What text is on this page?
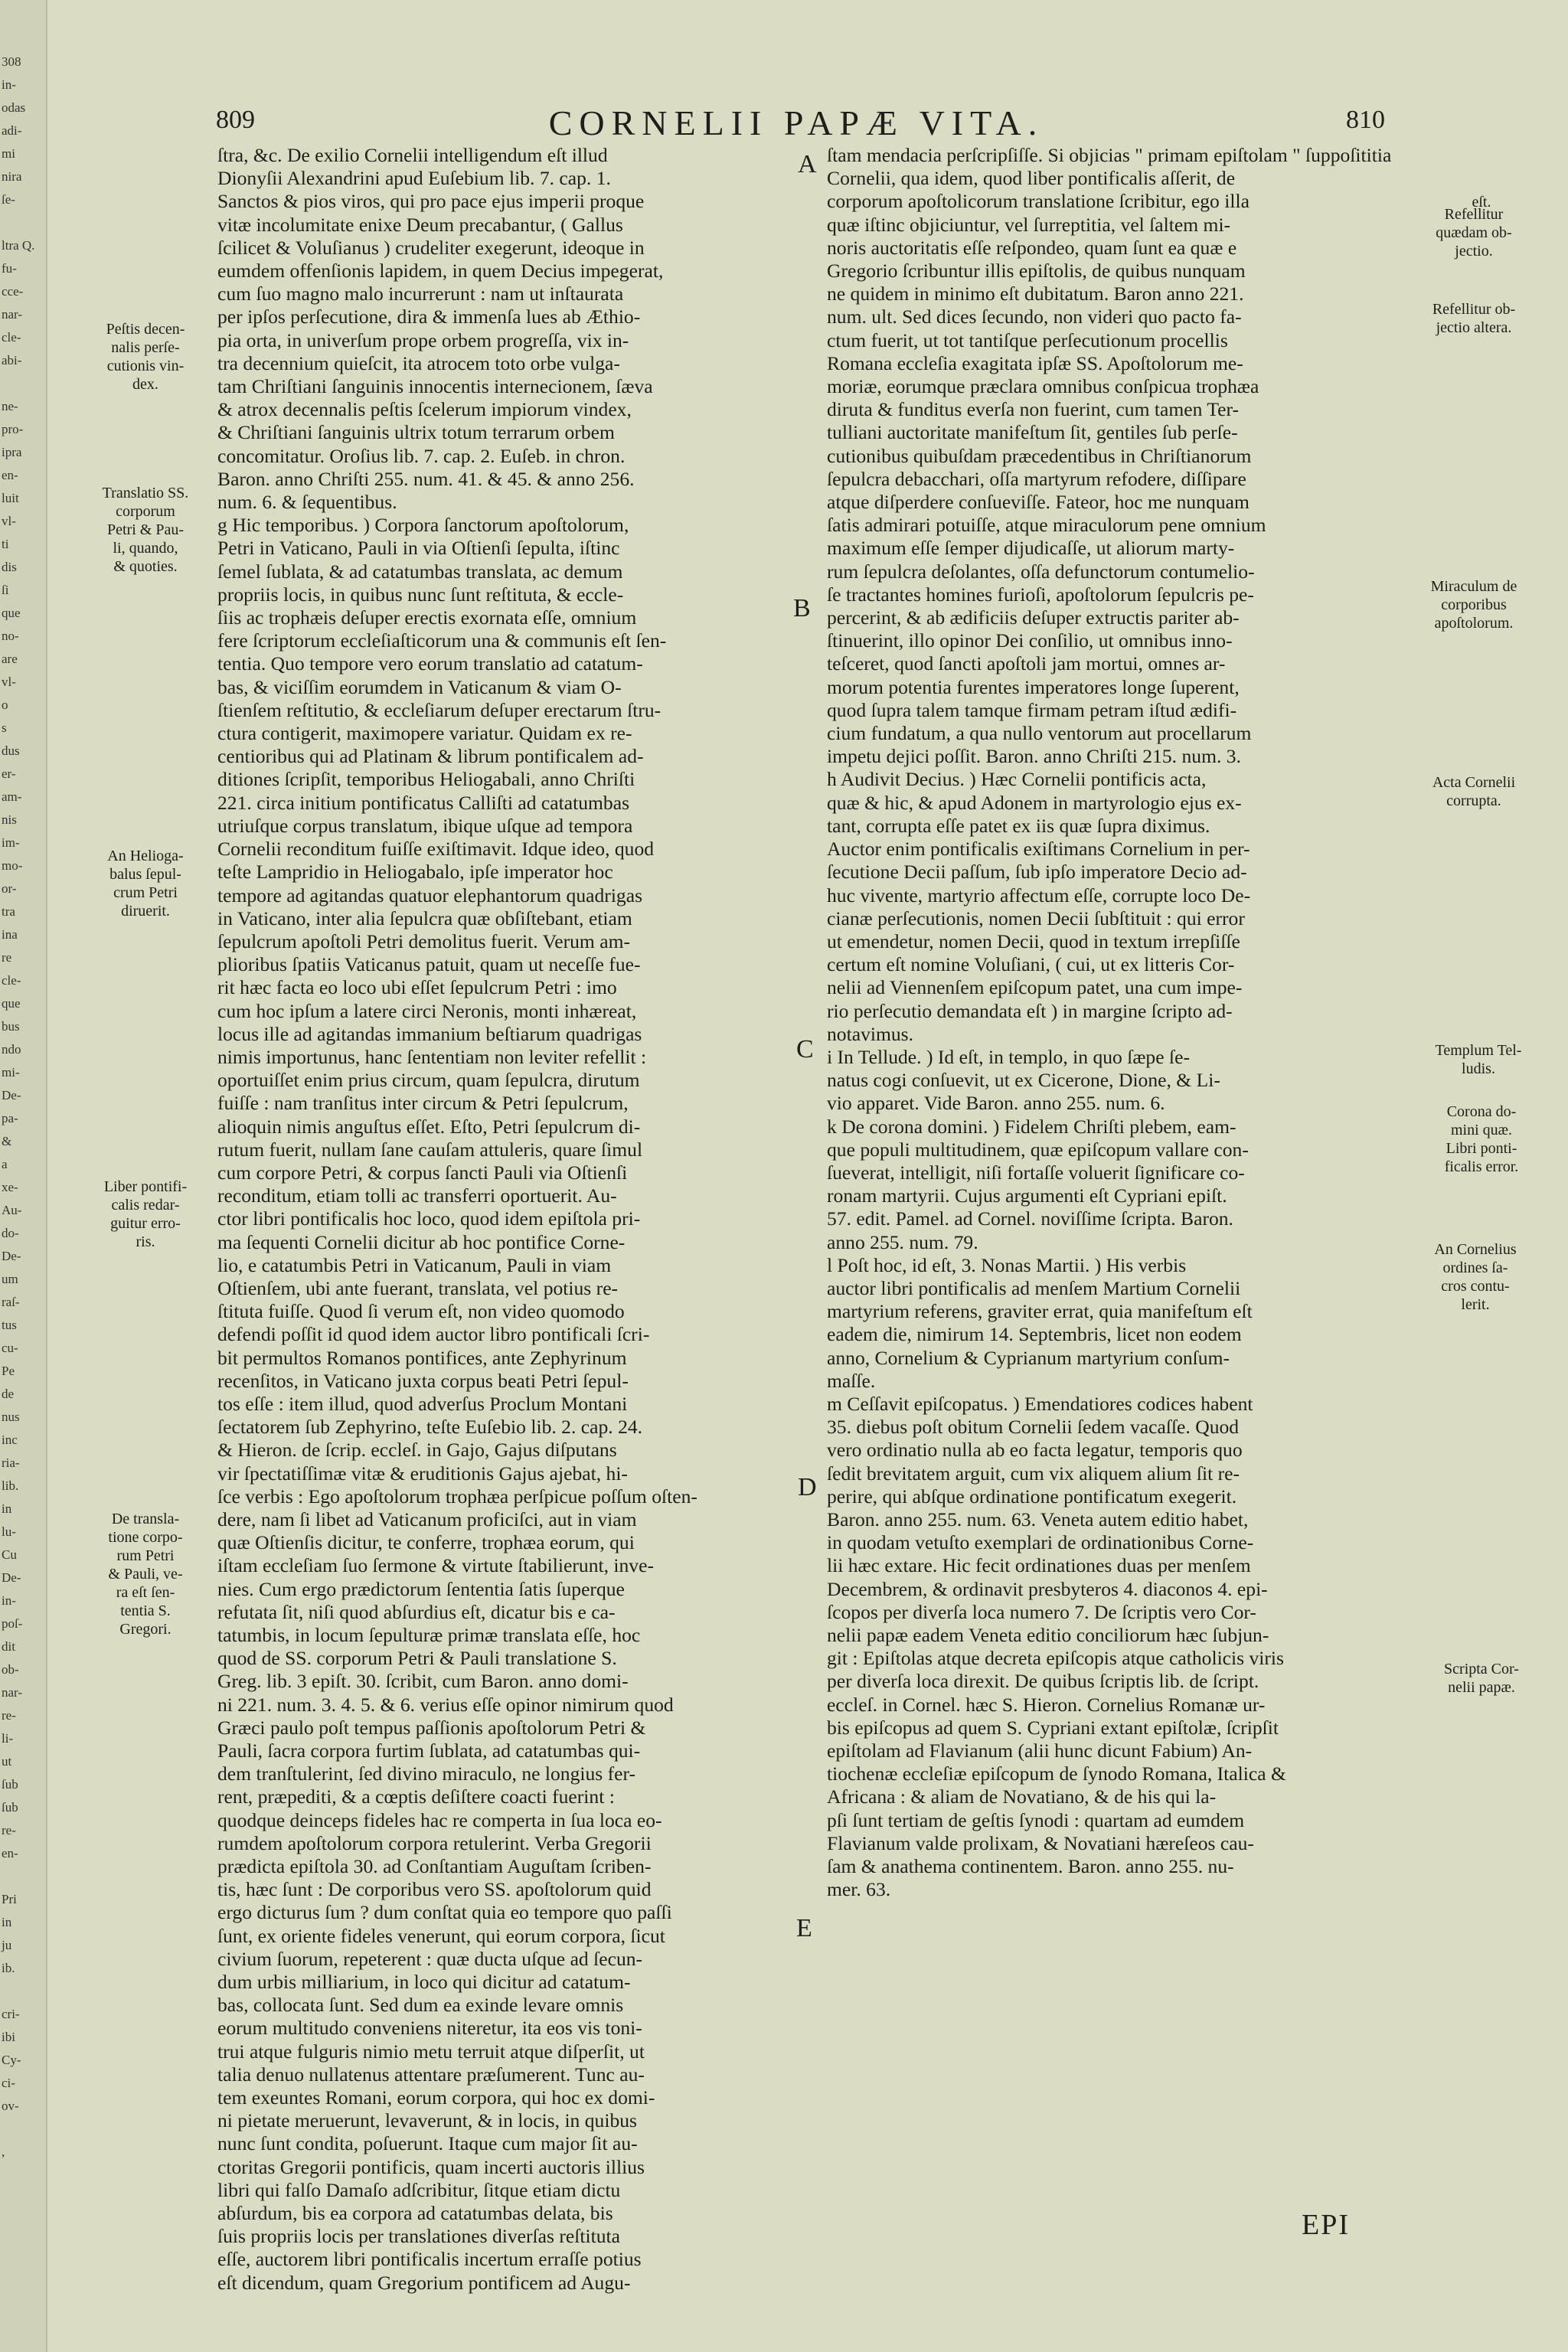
308
in-
odas
adi-
mi
nira
ſe-
ltra Q.
fu-
cce-
nar-
cle-
abi-
ne-
pro-
ipra
en-
luit
vl-
ti
dis
ſi
que
no-
are
vl-
o
s
dus
er-
am-
nis
im-
mo-
or-
tra
ina
re
cle-
que
bus
ndo
mi-
De-
pa-
&
a
xe-
Au-
do-
De-
um
raſ-
tus
cu-
Pe
de
nus
inc
ria-
lib.
in
lu-
Cu
De-
in-
poſ-
dit
ob-
nar-
re-
li-
ut
ſub
ſub
re-
en-
Pri
in
ju
ib.
cri-
ibi
Cy-
ci-
ov-
,
809	CORNELII PAPÆ VITA.	810
ſtra, &c. De exilio Cornelii intelligendum eſt illud
Dionyſii Alexandrini apud Euſebium lib. 7. cap. 1.
Sanctos & pios viros, qui pro pace ejus imperii proque
vitæ incolumitate enixe Deum precabantur, ( Gallus
ſcilicet & Voluſianus ) crudeliter exegerunt, ideoque in
eumdem offenſionis lapidem, in quem Decius impegerat,
cum ſuo magno malo incurrerunt : nam ut inſtaurata
per ipſos perſecutione, dira & immenſa lues ab Æthio-
pia orta, in univerſum prope orbem progreſſa, vix in-
tra decennium quieſcit, ita atrocem toto orbe vulga-
tam Chriſtiani ſanguinis innocentis internecionem, ſæva
& atrox decennalis peſtis ſcelerum impiorum vindex,
& Chriſtiani ſanguinis ultrix totum terrarum orbem
concomitatur. Oroſius lib. 7. cap. 2. Euſeb. in chron.
Baron. anno Chriſti 255. num. 41. & 45. & anno 256.
num. 6. & ſequentibus.
g Hic temporibus. ) Corpora ſanctorum apoſtolorum,
Petri in Vaticano, Pauli in via Oſtienſi ſepulta, iſtinc
ſemel ſublata, & ad catatumbas translata, ac demum
propriis locis, in quibus nunc ſunt reſtituta, & eccle-
ſiis ac trophæis deſuper erectis exornata eſſe, omnium
fere ſcriptorum eccleſiaſticorum una & communis eſt ſen-
tentia. Quo tempore vero eorum translatio ad catatum-
bas, & viciſſim eorumdem in Vaticanum & viam O-
ſtienſem reſtitutio, & eccleſiarum deſuper erectarum ſtru-
ctura contigerit, maximopere variatur. Quidam ex re-
centioribus qui ad Platinam & librum pontificalem ad-
ditiones ſcripſit, temporibus Heliogabali, anno Chriſti
221. circa initium pontificatus Calliſti ad catatumbas
utriuſque corpus translatum, ibique uſque ad tempora
Cornelii reconditum fuiſſe exiſtimavit. Idque ideo, quod
teſte Lampridio in Heliogabalo, ipſe imperator hoc
tempore ad agitandas quatuor elephantorum quadrigas
in Vaticano, inter alia ſepulcra quæ obſiſtebant, etiam
ſepulcrum apoſtoli Petri demolitus fuerit. Verum am-
plioribus ſpatiis Vaticanus patuit, quam ut neceſſe fue-
rit hæc facta eo loco ubi eſſet ſepulcrum Petri : imo
cum hoc ipſum a latere circi Neronis, monti inhæreat,
locus ille ad agitandas immanium beſtiarum quadrigas
nimis importunus, hanc ſententiam non leviter refellit :
oportuiſſet enim prius circum, quam ſepulcra, dirutum
fuiſſe : nam tranſitus inter circum & Petri ſepulcrum,
alioquin nimis anguſtus eſſet. Eſto, Petri ſepulcrum di-
rutum fuerit, nullam ſane cauſam attuleris, quare ſimul
cum corpore Petri, & corpus ſancti Pauli via Oſtienſi
reconditum, etiam tolli ac transferri oportuerit. Au-
ctor libri pontificalis hoc loco, quod idem epiſtola pri-
ma ſequenti Cornelii dicitur ab hoc pontifice Corne-
lio, e catatumbis Petri in Vaticanum, Pauli in viam
Oſtienſem, ubi ante fuerant, translata, vel potius re-
ſtituta fuiſſe. Quod ſi verum eſt, non video quomodo
defendi poſſit id quod idem auctor libro pontificali ſcri-
bit permultos Romanos pontifices, ante Zephyrinum
recenſitos, in Vaticano juxta corpus beati Petri ſepul-
tos eſſe : item illud, quod adverſus Proclum Montani
ſectatorem ſub Zephyrino, teſte Euſebio lib. 2. cap. 24.
& Hieron. de ſcrip. eccleſ. in Gajo, Gajus diſputans
vir ſpectatiſſimæ vitæ & eruditionis Gajus ajebat, hi-
ſce verbis : Ego apoſtolorum trophæa perſpicue poſſum oſten-
dere, nam ſi libet ad Vaticanum proficiſci, aut in viam
quæ Oſtienſis dicitur, te conferre, trophæa eorum, qui
iſtam eccleſiam ſuo ſermone & virtute ſtabilierunt, inve-
nies. Cum ergo prædictorum ſententia ſatis ſuperque
refutata ſit, niſi quod abſurdius eſt, dicatur bis e ca-
tatumbis, in locum ſepulturæ primæ translata eſſe, hoc
quod de SS. corporum Petri & Pauli translatione S.
Greg. lib. 3 epiſt. 30. ſcribit, cum Baron. anno domi-
ni 221. num. 3. 4. 5. & 6. verius eſſe opinor nimirum quod
Græci paulo poſt tempus paſſionis apoſtolorum Petri &
Pauli, ſacra corpora furtim ſublata, ad catatumbas qui-
dem tranſtulerint, ſed divino miraculo, ne longius fer-
rent, præpediti, & a cœptis deſiſtere coacti fuerint :
quodque deinceps fideles hac re comperta in ſua loca eo-
rumdem apoſtolorum corpora retulerint. Verba Gregorii
prædicta epiſtola 30. ad Conſtantiam Auguſtam ſcriben-
tis, hæc ſunt : De corporibus vero SS. apoſtolorum quid
ergo dicturus ſum ? dum conſtat quia eo tempore quo paſſi
ſunt, ex oriente fideles venerunt, qui eorum corpora, ſicut
civium ſuorum, repeterent : quæ ducta uſque ad ſecun-
dum urbis milliarium, in loco qui dicitur ad catatum-
bas, collocata ſunt. Sed dum ea exinde levare omnis
eorum multitudo conveniens niteretur, ita eos vis toni-
trui atque fulguris nimio metu terruit atque diſperſit, ut
talia denuo nullatenus attentare præſumerent. Tunc au-
tem exeuntes Romani, eorum corpora, qui hoc ex domi-
ni pietate meruerunt, levaverunt, & in locis, in quibus
nunc ſunt condita, poſuerunt. Itaque cum major ſit au-
ctoritas Gregorii pontificis, quam incerti auctoris illius
libri qui falſo Damaſo adſcribitur, ſitque etiam dictu
abſurdum, bis ea corpora ad catatumbas delata, bis
ſuis propriis locis per translationes diverſas reſtituta
eſſe, auctorem libri pontificalis incertum erraſſe potius
eſt dicendum, quam Gregorium pontificem ad Augu-
ſtam mendacia perſcripſiſſe. Si objicias " primam epiſtolam " ſuppoſititia
Cornelii, qua idem, quod liber pontificalis aſſerit, de
corporum apoſtolicorum translatione ſcribitur, ego illa
quæ iſtinc objiciuntur, vel ſurreptitia, vel ſaltem mi-
noris auctoritatis eſſe reſpondeo, quam ſunt ea quæ e
Gregorio ſcribuntur illis epiſtolis, de quibus nunquam
ne quidem in minimo eſt dubitatum. Baron anno 221.
num. ult. Sed dices ſecundo, non videri quo pacto fa-
ctum fuerit, ut tot tantiſque perſecutionum procellis
Romana eccleſia exagitata ipſæ SS. Apoſtolorum me-
moriæ, eorumque præclara omnibus conſpicua trophæa
diruta & funditus everſa non fuerint, cum tamen Ter-
tulliani auctoritate manifeſtum ſit, gentiles ſub perſe-
cutionibus quibuſdam præcedentibus in Chriſtianorum
ſepulcra debacchari, oſſa martyrum refodere, diſſipare
atque diſperdere conſueviſſe. Fateor, hoc me nunquam
ſatis admirari potuiſſe, atque miraculorum pene omnium
maximum eſſe ſemper dijudicaſſe, ut aliorum marty-
rum ſepulcra deſolantes, oſſa defunctorum contumelio-
ſe tractantes homines furioſi, apoſtolorum ſepulcris pe-
percerint, & ab ædificiis deſuper extructis pariter ab-
ſtinuerint, illo opinor Dei conſilio, ut omnibus inno-
teſceret, quod ſancti apoſtoli jam mortui, omnes ar-
morum potentia furentes imperatores longe ſuperent,
quod ſupra talem tamque firmam petram iſtud ædifi-
cium fundatum, a qua nullo ventorum aut procellarum
impetu dejici poſſit. Baron. anno Chriſti 215. num. 3.
h Audivit Decius. ) Hæc Cornelii pontificis acta,
quæ & hic, & apud Adonem in martyrologio ejus ex-
tant, corrupta eſſe patet ex iis quæ ſupra diximus.
Auctor enim pontificalis exiſtimans Cornelium in per-
ſecutione Decii paſſum, ſub ipſo imperatore Decio ad-
huc vivente, martyrio affectum eſſe, corrupte loco De-
cianæ perſecutionis, nomen Decii ſubſtituit : qui error
ut emendetur, nomen Decii, quod in textum irrepſiſſe
certum eſt nomine Voluſiani, ( cui, ut ex litteris Cor-
nelii ad Viennenſem epiſcopum patet, una cum impe-
rio perſecutio demandata eſt ) in margine ſcripto ad-
notavimus.
i In Tellude. ) Id eſt, in templo, in quo ſæpe ſe-
natus cogi conſuevit, ut ex Cicerone, Dione, & Li-
vio apparet. Vide Baron. anno 255. num. 6.
k De corona domini. ) Fidelem Chriſti plebem, eam-
que populi multitudinem, quæ epiſcopum vallare con-
ſueverat, intelligit, niſi fortaſſe voluerit ſignificare co-
ronam martyrii. Cujus argumenti eſt Cypriani epiſt.
57. edit. Pamel. ad Cornel. noviſſime ſcripta. Baron.
anno 255. num. 79.
l Poſt hoc, id eſt, 3. Nonas Martii. ) His verbis
auctor libri pontificalis ad menſem Martium Cornelii
martyrium referens, graviter errat, quia manifeſtum eſt
eadem die, nimirum 14. Septembris, licet non eodem
anno, Cornelium & Cyprianum martyrium conſum-
maſſe.
m Ceſſavit epiſcopatus. ) Emendatiores codices habent
35. diebus poſt obitum Cornelii ſedem vacaſſe. Quod
vero ordinatio nulla ab eo facta legatur, temporis quo
ſedit brevitatem arguit, cum vix aliquem alium ſit re-
perire, qui abſque ordinatione pontificatum exegerit.
Baron. anno 255. num. 63. Veneta autem editio habet,
in quodam vetuſto exemplari de ordinationibus Corne-
lii hæc extare. Hic fecit ordinationes duas per menſem
Decembrem, & ordinavit presbyteros 4. diaconos 4. epi-
ſcopos per diverſa loca numero 7. De ſcriptis vero Cor-
nelii papæ eadem Veneta editio conciliorum hæc ſubjun-
git : Epiſtolas atque decreta epiſcopis atque catholicis viris
per diverſa loca direxit. De quibus ſcriptis lib. de ſcript.
eccleſ. in Cornel. hæc S. Hieron. Cornelius Romanæ ur-
bis epiſcopus ad quem S. Cypriani extant epiſtolæ, ſcripſit
epiſtolam ad Flavianum (alii hunc dicunt Fabium) An-
tiochenæ eccleſiæ epiſcopum de ſynodo Romana, Italica &
Africana : & aliam de Novatiano, & de his qui la-
pſi ſunt tertiam de geſtis ſynodi : quartam ad eumdem
Flavianum valde prolixam, & Novatiani hæreſeos cau-
ſam & anathema continentem. Baron. anno 255. nu-
mer. 63.
Peſtis decen-
nalis perſe-
cutionis vin-
dex.
Translatio SS.
corporum
Petri & Pau-
li, quando,
& quoties.
An Helioga-
balus ſepul-
crum Petri
diruerit.
Liber pontifi-
calis redar-
guitur erro-
ris.
De transla-
tione corpo-
rum Petri
& Pauli, ve-
ra eſt ſen-
tentia S.
Gregori.
eſt.
Refellitur
quædam ob-
jectio.
Refellitur ob-
jectio altera.
Miraculum de
corporibus
apoſtolorum.
Acta Cornelii
corrupta.
Templum Tel-
ludis.
Corona do-
mini quæ.
Libri ponti-
ficalis error.
An Cornelius
ordines ſa-
cros contu-
lerit.
Scripta Cor-
nelii papæ.
A
B
C
D
E
EPI
